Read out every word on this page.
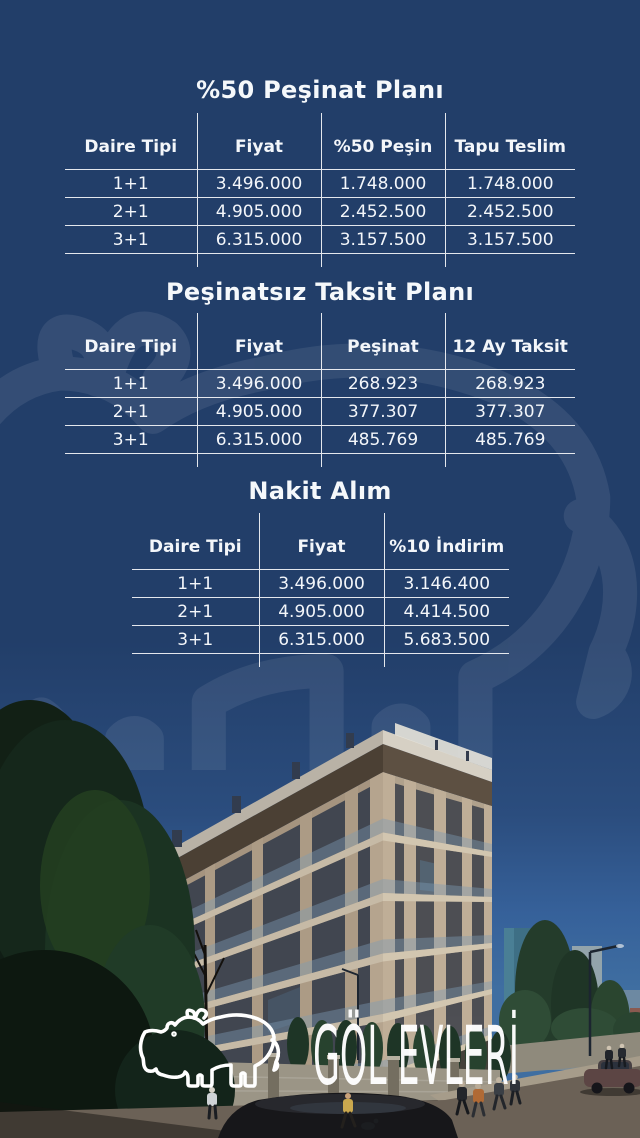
GÖL EVLERİ
%50 Peşinat Planı
Daire Tipi	Fiyat	%50 Peşin	Tapu Teslim
1+1	3.496.000	1.748.000	1.748.000
2+1	4.905.000	2.452.500	2.452.500
3+1	6.315.000	3.157.500	3.157.500

Peşinatsız Taksit Planı
Daire Tipi	Fiyat	Peşinat	12 Ay Taksit
1+1	3.496.000	268.923	268.923
2+1	4.905.000	377.307	377.307
3+1	6.315.000	485.769	485.769

Nakit Alım
Daire Tipi	Fiyat	%10 İndirim
1+1	3.496.000	3.146.400
2+1	4.905.000	4.414.500
3+1	6.315.000	5.683.500
